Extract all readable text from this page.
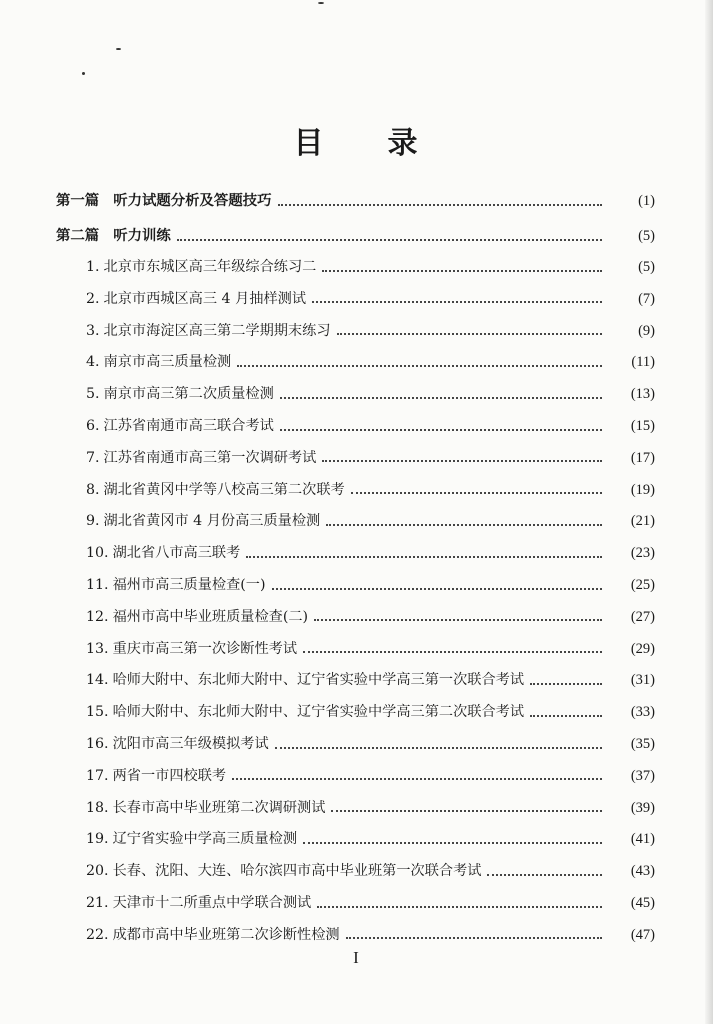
目 录
第一篇 听力试题分析及答题技巧	(1)
第二篇 听力训练	(5)
1. 北京市东城区高三年级综合练习二	(5)
2. 北京市西城区高三 4 月抽样测试	(7)
3. 北京市海淀区高三第二学期期末练习	(9)
4. 南京市高三质量检测	(11)
5. 南京市高三第二次质量检测	(13)
6. 江苏省南通市高三联合考试	(15)
7. 江苏省南通市高三第一次调研考试	(17)
8. 湖北省黄冈中学等八校高三第二次联考	(19)
9. 湖北省黄冈市 4 月份高三质量检测	(21)
10. 湖北省八市高三联考	(23)
11. 福州市高三质量检查(一)	(25)
12. 福州市高中毕业班质量检查(二)	(27)
13. 重庆市高三第一次诊断性考试	(29)
14. 哈师大附中、东北师大附中、辽宁省实验中学高三第一次联合考试	(31)
15. 哈师大附中、东北师大附中、辽宁省实验中学高三第二次联合考试	(33)
16. 沈阳市高三年级模拟考试	(35)
17. 两省一市四校联考	(37)
18. 长春市高中毕业班第二次调研测试	(39)
19. 辽宁省实验中学高三质量检测	(41)
20. 长春、沈阳、大连、哈尔滨四市高中毕业班第一次联合考试	(43)
21. 天津市十二所重点中学联合测试	(45)
22. 成都市高中毕业班第二次诊断性检测	(47)
I
